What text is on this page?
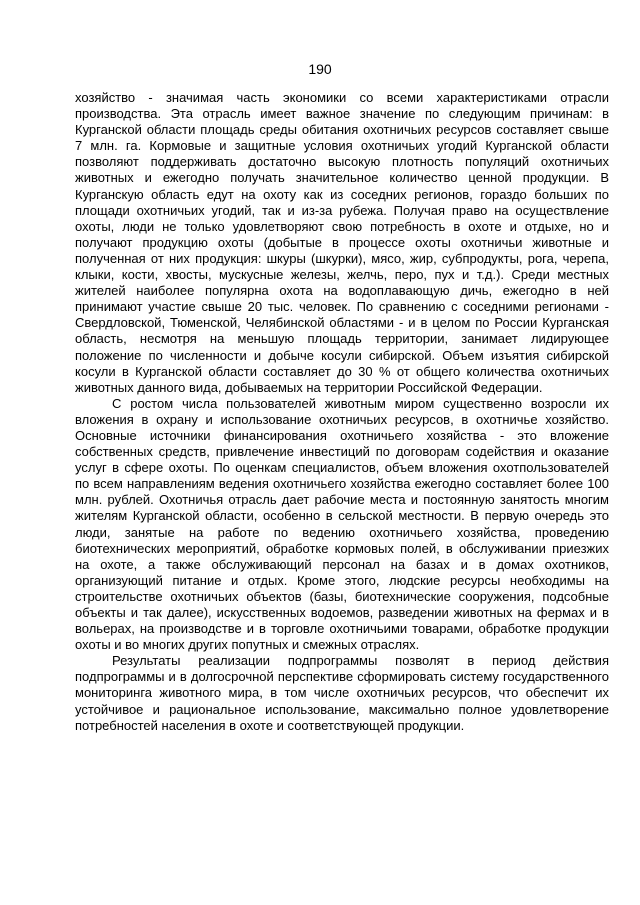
190

хозяйство - значимая часть экономики со всеми характеристиками отрасли производства. Эта отрасль имеет важное значение по следующим причинам: в Курганской области площадь среды обитания охотничьих ресурсов составляет свыше 7 млн. га. Кормовые и защитные условия охотничьих угодий Курганской области позволяют поддерживать достаточно высокую плотность популяций охотничьих животных и ежегодно получать значительное количество ценной продукции. В Курганскую область едут на охоту как из соседних регионов, гораздо больших по площади охотничьих угодий, так и из-за рубежа. Получая право на осуществление охоты, люди не только удовлетворяют свою потребность в охоте и отдыхе, но и получают продукцию охоты (добытые в процессе охоты охотничьи животные и полученная от них продукция: шкуры (шкурки), мясо, жир, субпродукты, рога, черепа, клыки, кости, хвосты, мускусные железы, желчь, перо, пух и т.д.). Среди местных жителей наиболее популярна охота на водоплавающую дичь, ежегодно в ней принимают участие свыше 20 тыс. человек. По сравнению с соседними регионами - Свердловской, Тюменской, Челябинской областями - и в целом по России Курганская область, несмотря на меньшую площадь территории, занимает лидирующее положение по численности и добыче косули сибирской. Объем изъятия сибирской косули в Курганской области составляет до 30 % от общего количества охотничьих животных данного вида, добываемых на территории Российской Федерации.

С ростом числа пользователей животным миром существенно возросли их вложения в охрану и использование охотничьих ресурсов, в охотничье хозяйство. Основные источники финансирования охотничьего хозяйства - это вложение собственных средств, привлечение инвестиций по договорам содействия и оказание услуг в сфере охоты. По оценкам специалистов, объем вложения охотпользователей по всем направлениям ведения охотничьего хозяйства ежегодно составляет более 100 млн. рублей. Охотничья отрасль дает рабочие места и постоянную занятость многим жителям Курганской области, особенно в сельской местности. В первую очередь это люди, занятые на работе по ведению охотничьего хозяйства, проведению биотехнических мероприятий, обработке кормовых полей, в обслуживании приезжих на охоте, а также обслуживающий персонал на базах и в домах охотников, организующий питание и отдых. Кроме этого, людские ресурсы необходимы на строительстве охотничьих объектов (базы, биотехнические сооружения, подсобные объекты и так далее), искусственных водоемов, разведении животных на фермах и в вольерах, на производстве и в торговле охотничьими товарами, обработке продукции охоты и во многих других попутных и смежных отраслях.

Результаты реализации подпрограммы позволят в период действия подпрограммы и в долгосрочной перспективе сформировать систему государственного мониторинга животного мира, в том числе охотничьих ресурсов, что обеспечит их устойчивое и рациональное использование, максимально полное удовлетворение потребностей населения в охоте и соответствующей продукции.
